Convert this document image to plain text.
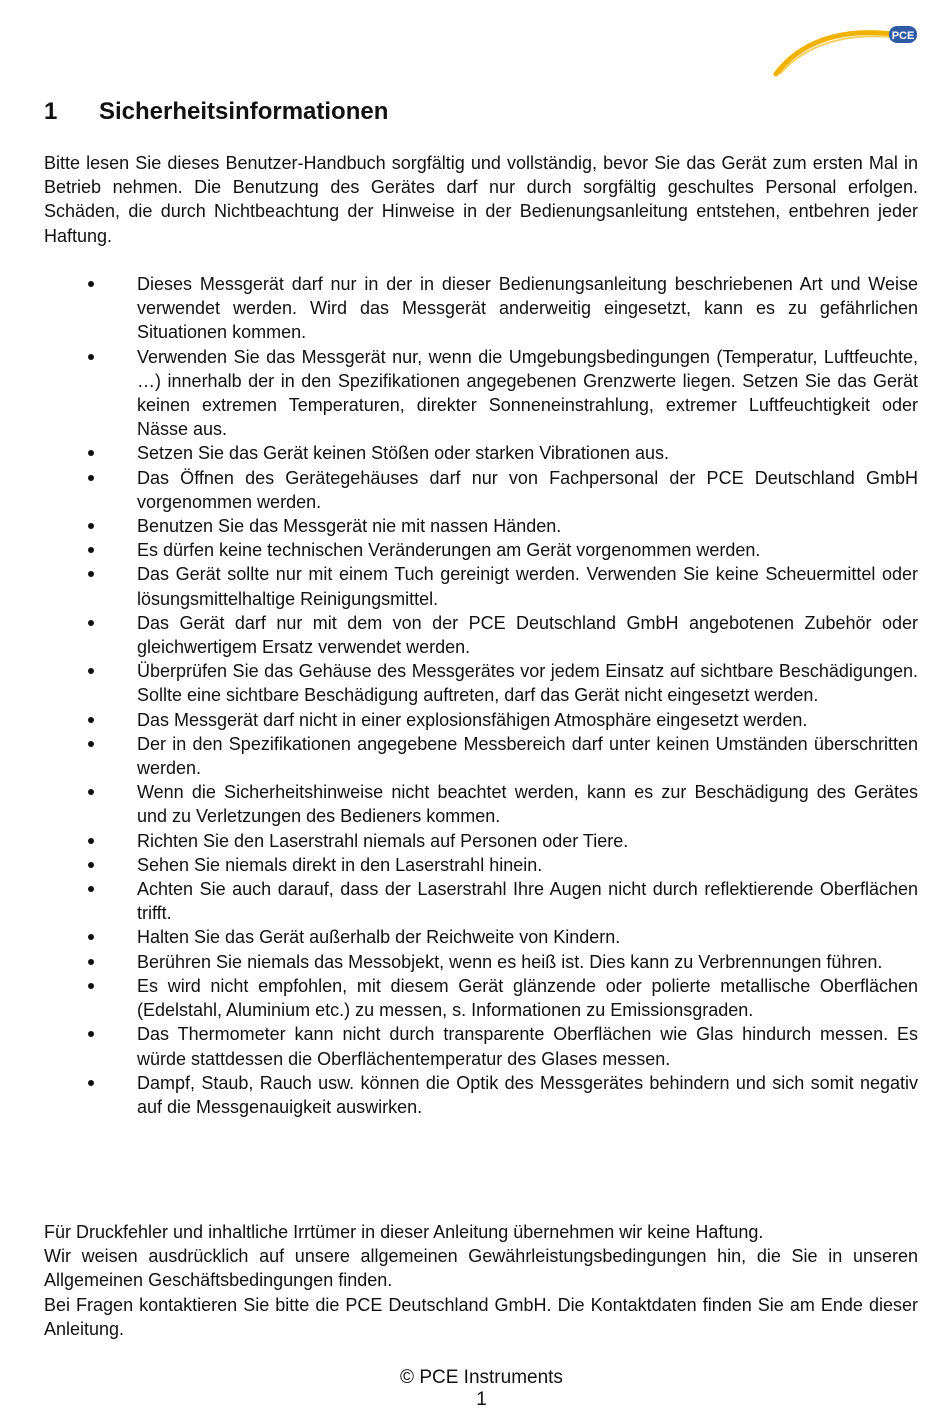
PCE
1	Sicherheitsinformationen

Bitte lesen Sie dieses Benutzer-Handbuch sorgfältig und vollständig, bevor Sie das Gerät zum ersten Mal in Betrieb nehmen. Die Benutzung des Gerätes darf nur durch sorgfältig geschultes Personal erfolgen. Schäden, die durch Nichtbeachtung der Hinweise in der Bedienungsanleitung entstehen, entbehren jeder Haftung.

Dieses Messgerät darf nur in der in dieser Bedienungsanleitung beschriebenen Art und Weise verwendet werden. Wird das Messgerät anderweitig eingesetzt, kann es zu gefährlichen Situationen kommen.
Verwenden Sie das Messgerät nur, wenn die Umgebungsbedingungen (Temperatur, Luftfeuchte, …) innerhalb der in den Spezifikationen angegebenen Grenzwerte liegen. Setzen Sie das Gerät keinen extremen Temperaturen, direkter Sonneneinstrahlung, extremer Luftfeuchtigkeit oder Nässe aus.
Setzen Sie das Gerät keinen Stößen oder starken Vibrationen aus.
Das Öffnen des Gerätegehäuses darf nur von Fachpersonal der PCE Deutschland GmbH vorgenommen werden.
Benutzen Sie das Messgerät nie mit nassen Händen.
Es dürfen keine technischen Veränderungen am Gerät vorgenommen werden.
Das Gerät sollte nur mit einem Tuch gereinigt werden. Verwenden Sie keine Scheuermittel oder lösungsmittelhaltige Reinigungsmittel.
Das Gerät darf nur mit dem von der PCE Deutschland GmbH angebotenen Zubehör oder gleichwertigem Ersatz verwendet werden.
Überprüfen Sie das Gehäuse des Messgerätes vor jedem Einsatz auf sichtbare Beschädigungen. Sollte eine sichtbare Beschädigung auftreten, darf das Gerät nicht eingesetzt werden.
Das Messgerät darf nicht in einer explosionsfähigen Atmosphäre eingesetzt werden.
Der in den Spezifikationen angegebene Messbereich darf unter keinen Umständen überschritten werden.
Wenn die Sicherheitshinweise nicht beachtet werden, kann es zur Beschädigung des Gerätes und zu Verletzungen des Bedieners kommen.
Richten Sie den Laserstrahl niemals auf Personen oder Tiere.
Sehen Sie niemals direkt in den Laserstrahl hinein.
Achten Sie auch darauf, dass der Laserstrahl Ihre Augen nicht durch reflektierende Oberflächen trifft.
Halten Sie das Gerät außerhalb der Reichweite von Kindern.
Berühren Sie niemals das Messobjekt, wenn es heiß ist. Dies kann zu Verbrennungen führen.
Es wird nicht empfohlen, mit diesem Gerät glänzende oder polierte metallische Oberflächen (Edelstahl, Aluminium etc.) zu messen, s. Informationen zu Emissionsgraden.
Das Thermometer kann nicht durch transparente Oberflächen wie Glas hindurch messen. Es würde stattdessen die Oberflächentemperatur des Glases messen.
Dampf, Staub, Rauch usw. können die Optik des Messgerätes behindern und sich somit negativ auf die Messgenauigkeit auswirken.

Für Druckfehler und inhaltliche Irrtümer in dieser Anleitung übernehmen wir keine Haftung.

Wir weisen ausdrücklich auf unsere allgemeinen Gewährleistungsbedingungen hin, die Sie in unseren Allgemeinen Geschäftsbedingungen finden.

Bei Fragen kontaktieren Sie bitte die PCE Deutschland GmbH. Die Kontaktdaten finden Sie am Ende dieser Anleitung.

© PCE Instruments
1
